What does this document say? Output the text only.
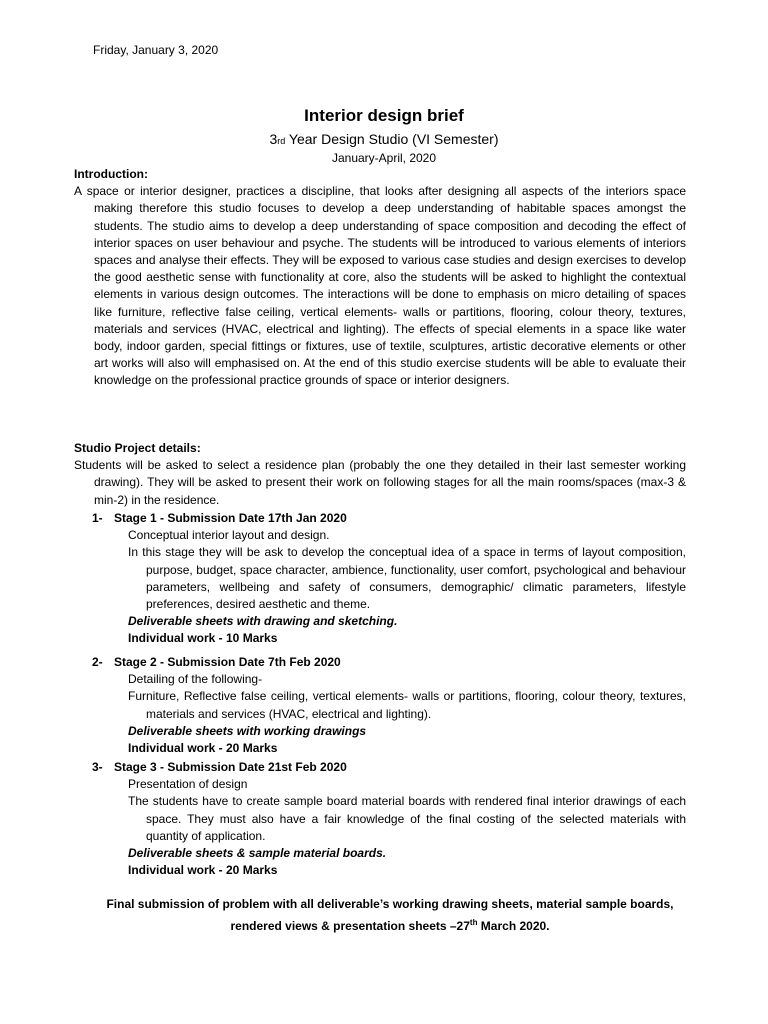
Friday, January 3, 2020
Interior design brief
3rd Year Design Studio (VI Semester)
January-April, 2020
Introduction:
A space or interior designer, practices a discipline, that looks after designing all aspects of the interiors space making therefore this studio focuses to develop a deep understanding of habitable spaces amongst the students. The studio aims to develop a deep understanding of space composition and decoding the effect of interior spaces on user behaviour and psyche. The students will be introduced to various elements of interiors spaces and analyse their effects. They will be exposed to various case studies and design exercises to develop the good aesthetic sense with functionality at core, also the students will be asked to highlight the contextual elements in various design outcomes. The interactions will be done to emphasis on micro detailing of spaces like furniture, reflective false ceiling, vertical elements- walls or partitions, flooring, colour theory, textures, materials and services (HVAC, electrical and lighting). The effects of special elements in a space like water body, indoor garden, special fittings or fixtures, use of textile, sculptures, artistic decorative elements or other art works will also will emphasised on. At the end of this studio exercise students will be able to evaluate their knowledge on the professional practice grounds of space or interior designers.
Studio Project details:
Students will be asked to select a residence plan (probably the one they detailed in their last semester working drawing). They will be asked to present their work on following stages for all the main rooms/spaces (max-3 & min-2) in the residence.
1- Stage 1 - Submission Date 17th Jan 2020
Conceptual interior layout and design.
In this stage they will be ask to develop the conceptual idea of a space in terms of layout composition, purpose, budget, space character, ambience, functionality, user comfort, psychological and behaviour parameters, wellbeing and safety of consumers, demographic/ climatic parameters, lifestyle preferences, desired aesthetic and theme.
Deliverable sheets with drawing and sketching.
Individual work - 10 Marks
2- Stage 2 - Submission Date 7th Feb 2020
Detailing of the following-
Furniture, Reflective false ceiling, vertical elements- walls or partitions, flooring, colour theory, textures, materials and services (HVAC, electrical and lighting).
Deliverable sheets with working drawings
Individual work - 20 Marks
3- Stage 3 - Submission Date 21st Feb 2020
Presentation of design
The students have to create sample board material boards with rendered final interior drawings of each space. They must also have a fair knowledge of the final costing of the selected materials with quantity of application.
Deliverable sheets & sample material boards.
Individual work - 20 Marks
Final submission of problem with all deliverable’s working drawing sheets, material sample boards,
rendered views & presentation sheets –27th March 2020.
